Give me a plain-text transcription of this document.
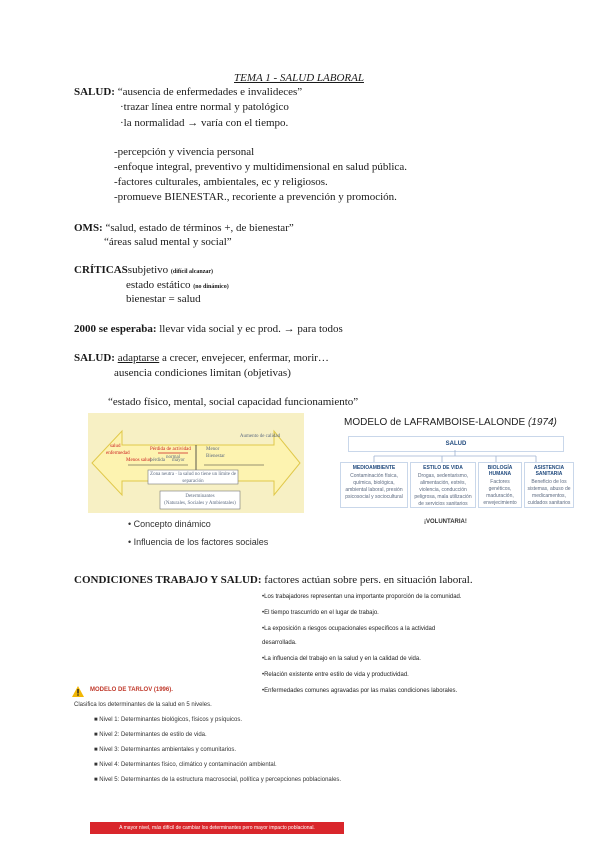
TEMA 1 - SALUD LABORAL
SALUD: “ausencia de enfermedades e invalideces”
·trazar línea entre normal y patológico
·la normalidad → varía con el tiempo.
-percepción y vivencia personal
-enfoque integral, preventivo y multidimensional en salud pública.
-factores culturales, ambientales, ec y religiosos.
-promueve BIENESTAR., recoriente a prevención y promoción.
OMS: “salud, estado de términos +, de bienestar”
“áreas salud mental y social”
CRÍTICASsubjetivo (difícil alcanzar)
estado estático (no dinámico)
bienestar = salud
2000 se esperaba: llevar vida social y ec prod. → para todos
SALUD: adaptarse a crecer, envejecer, enfermar, morir…
ausencia condiciones limitan (objetivas)
“estado físico, mental, social capacidad funcionamiento”
salud
enfermedad
Pérdida de actividad
normal
Menos salud
pérdida mayor
Menor
Bienestar
Aumento de calidad
Zona neutra · la salud no tiene un límite de separación
Determinantes
(Naturales, Sociales y Ambientales)
• Concepto dinámico
• Influencia de los factores sociales
MODELO de LAFRAMBOISE-LALONDE (1974)
SALUD
MEDIOAMBIENTE
Contaminación física, química, biológica, ambiental laboral, presión psicosocial y sociocultural
ESTILO DE VIDA
Drogas, sedentarismo, alimentación, estrés, violencia, conducción peligrosa, mala utilización de servicios sanitarios
BIOLOGÍA HUMANA
Factores genéticos, maduración, envejecimiento
ASISTENCIA SANITARIA
Beneficio de los sistemas, abuso de medicamentos, cuidados sanitarios
¡VOLUNTARIA!
CONDICIONES TRABAJO Y SALUD: factores actúan sobre pers. en situación laboral.
•Los trabajadores representan una importante proporción de la comunidad.
•El tiempo trascurrido en el lugar de trabajo.
•La exposición a riesgos ocupacionales específicos a la actividad
desarrollada.
•La influencia del trabajo en la salud y en la calidad de vida.
•Relación existente entre estilo de vida y productividad.
•Enfermedades comunes agravadas por las malas condiciones laborales.
MODELO DE TARLOV (1996).
Clasifica los determinantes de la salud en 5 niveles.
■ Nivel 1: Determinantes biológicos, físicos y psíquicos.
■ Nivel 2: Determinantes de estilo de vida.
■ Nivel 3: Determinantes ambientales y comunitarios.
■ Nivel 4: Determinantes físico, climático y contaminación ambiental.
■ Nivel 5: Determinantes de la estructura macrosocial, política y percepciones poblacionales.
A mayor nivel, más difícil de cambiar los determinantes pero mayor impacto poblacional.
